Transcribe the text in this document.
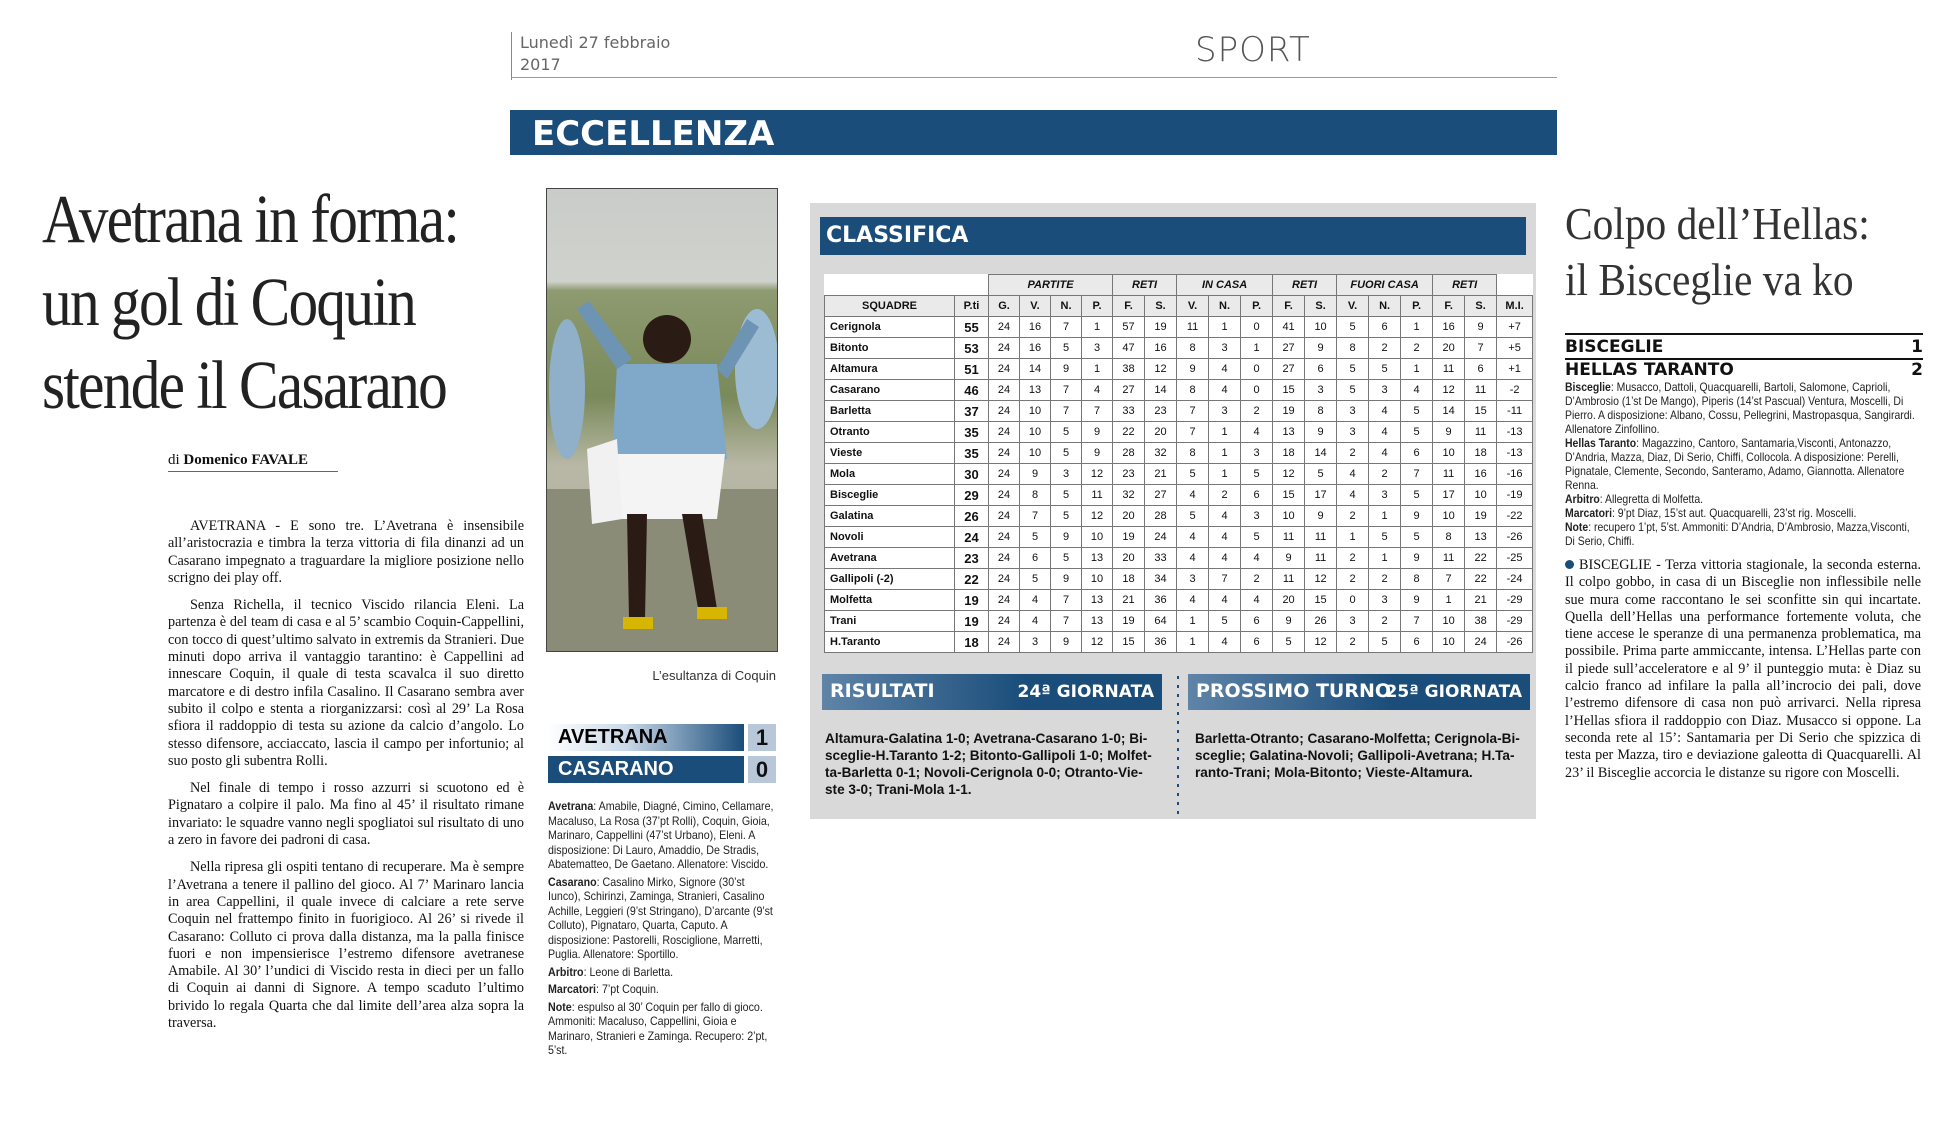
Lunedì 27 febbraio
2017	SPORT
ECCELLENZA
Avetrana in forma:
un gol di Coquin
stende il Casarano
di Domenico FAVALE

AVETRANA - E sono tre. L’Avetrana è insensibile all’aristocrazia e timbra la terza vittoria di fila dinanzi ad un Casarano impegnato a traguardare la migliore posizione nello scrigno dei play off.

Senza Richella, il tecnico Viscido rilancia Eleni. La partenza è del team di casa e al 5’ scambio Coquin-Cappellini, con tocco di quest’ultimo salvato in extremis da Stranieri. Due minuti dopo arriva il vantaggio tarantino: è Cappellini ad innescare Coquin, il quale di testa scavalca il suo diretto marcatore e di destro infila Casalino. Il Casarano sembra aver subito il colpo e stenta a riorganizzarsi: così al 29’ La Rosa sfiora il raddoppio di testa su azione da calcio d’angolo. Lo stesso difensore, acciaccato, lascia il campo per infortunio; al suo posto gli subentra Rolli.

Nel finale di tempo i rosso azzurri si scuotono ed è Pignataro a colpire il palo. Ma fino al 45’ il risultato rimane invariato: le squadre vanno negli spogliatoi sul risultato di uno a zero in favore dei padroni di casa.

Nella ripresa gli ospiti tentano di recuperare. Ma è sempre l’Avetrana a tenere il pallino del gioco. Al 7’ Marinaro lancia in area Cappellini, il quale invece di calciare a rete serve Coquin nel frattempo finito in fuorigioco. Al 26’ si rivede il Casarano: Colluto ci prova dalla distanza, ma la palla finisce fuori e non impensierisce l’estremo difensore avetranese Amabile. Al 30’ l’undici di Viscido resta in dieci per un fallo di Coquin ai danni di Signore. A tempo scaduto l’ultimo brivido lo regala Quarta che dal limite dell’area alza sopra la traversa.

L’esultanza di Coquin
AVETRANA	1
CASARANO	0

Avetrana: Amabile, Diagné, Cimino, Cellamare, Macaluso, La Rosa (37’pt Rolli), Coquin, Gioia, Marinaro, Cappellini (47’st Urbano), Eleni. A disposizione: Di Lauro, Amaddio, De Stradis, Abatematteo, De Gaetano. Allenatore: Viscido.

Casarano: Casalino Mirko, Signore (30’st Iunco), Schirinzi, Zaminga, Stranieri, Casalino Achille, Leggieri (9’st Stringano), D’arcante (9’st Colluto), Pignataro, Quarta, Caputo. A disposizione: Pastorelli, Rosciglione, Marretti, Puglia. Allenatore: Sportillo.

Arbitro: Leone di Barletta.

Marcatori: 7’pt Coquin.

Note: espulso al 30’ Coquin per fallo di gioco. Ammoniti: Macaluso, Cappellini, Gioia e Marinaro, Stranieri e Zaminga. Recupero: 2’pt, 5’st.

CLASSIFICA
		PARTITE				RETI		IN CASA			RETI		FUORI CASA			RETI		
SQUADRE	P.ti	G.	V.	N.	P.	F.	S.	V.	N.	P.	F.	S.	V.	N.	P.	F.	S.	M.I.
Cerignola	55	24	16	7	1	57	19	11	1	0	41	10	5	6	1	16	9	+7
Bitonto	53	24	16	5	3	47	16	8	3	1	27	9	8	2	2	20	7	+5
Altamura	51	24	14	9	1	38	12	9	4	0	27	6	5	5	1	11	6	+1
Casarano	46	24	13	7	4	27	14	8	4	0	15	3	5	3	4	12	11	-2
Barletta	37	24	10	7	7	33	23	7	3	2	19	8	3	4	5	14	15	-11
Otranto	35	24	10	5	9	22	20	7	1	4	13	9	3	4	5	9	11	-13
Vieste	35	24	10	5	9	28	32	8	1	3	18	14	2	4	6	10	18	-13
Mola	30	24	9	3	12	23	21	5	1	5	12	5	4	2	7	11	16	-16
Bisceglie	29	24	8	5	11	32	27	4	2	6	15	17	4	3	5	17	10	-19
Galatina	26	24	7	5	12	20	28	5	4	3	10	9	2	1	9	10	19	-22
Novoli	24	24	5	9	10	19	24	4	4	5	11	11	1	5	5	8	13	-26
Avetrana	23	24	6	5	13	20	33	4	4	4	9	11	2	1	9	11	22	-25
Gallipoli (-2)	22	24	5	9	10	18	34	3	7	2	11	12	2	2	8	7	22	-24
Molfetta	19	24	4	7	13	21	36	4	4	4	20	15	0	3	9	1	21	-29
Trani	19	24	4	7	13	19	64	1	5	6	9	26	3	2	7	10	38	-29
H.Taranto	18	24	3	9	12	15	36	1	4	6	5	12	2	5	6	10	24	-26
RISULTATI	24ª GIORNATA
Altamura-Galatina 1-0; Avetrana-Casarano 1-0; Bi-
sceglie-H.Taranto 1-2; Bitonto-Gallipoli 1-0; Molfet-
ta-Barletta 0-1; Novoli-Cerignola 0-0; Otranto-Vie-
ste 3-0; Trani-Mola 1-1.
PROSSIMO TURNO
25ª GIORNATA
Barletta-Otranto; Casarano-Molfetta; Cerignola-Bi-
sceglie; Galatina-Novoli; Gallipoli-Avetrana; H.Ta-
ranto-Trani; Mola-Bitonto; Vieste-Altamura.
Colpo dell’Hellas:
il Bisceglie va ko
BISCEGLIE	1
HELLAS TARANTO	2

Bisceglie: Musacco, Dattoli, Quacquarelli, Bartoli, Salomone, Caprioli, D’Ambrosio (1’st De Mango), Piperis (14’st Pascual) Ventura, Moscelli, Di Pierro. A disposizione: Albano, Cossu, Pellegrini, Mastropasqua, Sangirardi. Allenatore Zinfollino.

Hellas Taranto: Magazzino, Cantoro, Santamaria,Visconti, Antonazzo, D’Andria, Mazza, Diaz, Di Serio, Chiffi, Collocola. A disposizione: Perelli, Pignatale, Clemente, Secondo, Santeramo, Adamo, Giannotta. Allenatore Renna.

Arbitro: Allegretta di Molfetta.

Marcatori: 9’pt Diaz, 15’st aut. Quacquarelli, 23’st rig. Moscelli.

Note: recupero 1’pt, 5’st. Ammoniti: D’Andria, D’Ambrosio, Mazza,Visconti, Di Serio, Chiffi.

BISCEGLIE - Terza vittoria stagionale, la seconda esterna. Il colpo gobbo, in casa di un Bisceglie non inflessibile nelle sue mura come raccontano le sei sconfitte sin qui incartate. Quella dell’Hellas una performance fortemente voluta, che tiene accese le speranze di una permanenza problematica, ma possibile. Prima parte ammiccante, intensa. L’Hellas parte con il piede sull’acceleratore e al 9’ il punteggio muta: è Diaz su calcio franco ad infilare la palla all’incrocio dei pali, dove l’estremo difensore di casa non può arrivarci. Nella ripresa l’Hellas sfiora il raddoppio con Diaz. Musacco si oppone. La seconda rete al 15’: Santamaria per Di Serio che spizzica di testa per Mazza, tiro e deviazione galeotta di Quacquarelli. Al 23’ il Bisceglie accorcia le distanze su rigore con Moscelli.
